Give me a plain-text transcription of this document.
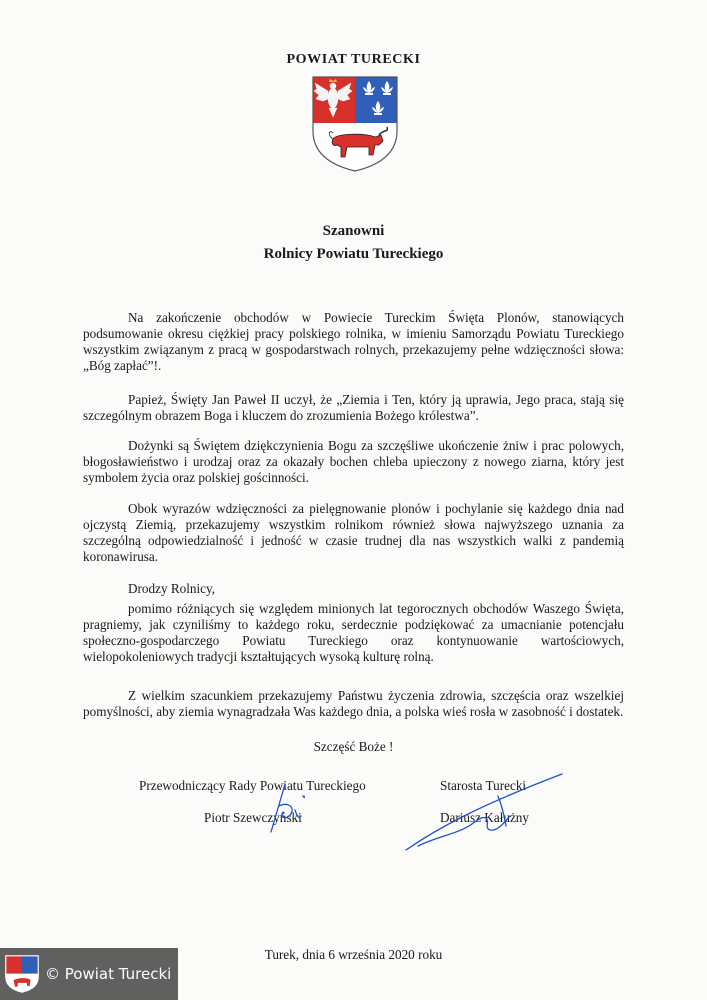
POWIAT TURECKI
Szanowni
Rolnicy Powiatu Tureckiego
Na zakończenie obchodów w Powiecie Tureckim Święta Plonów, stanowiących podsumowanie okresu ciężkiej pracy polskiego rolnika, w imieniu Samorządu Powiatu Tureckiego wszystkim związanym z pracą w gospodarstwach rolnych, przekazujemy pełne wdzięczności słowa: „Bóg zapłać”!.
Papież, Święty Jan Paweł II uczył, że „Ziemia i Ten, który ją uprawia, Jego praca, stają się szczególnym obrazem Boga i kluczem do zrozumienia Bożego królestwa”.
Dożynki są Świętem dziękczynienia Bogu za szczęśliwe ukończenie żniw i prac polowych, błogosławieństwo i urodzaj oraz za okazały bochen chleba upieczony z nowego ziarna, który jest symbolem życia oraz polskiej gościnności.
Obok wyrazów wdzięczności za pielęgnowanie plonów i pochylanie się każdego dnia nad ojczystą Ziemią, przekazujemy wszystkim rolnikom również słowa najwyższego uznania za szczególną odpowiedzialność i jedność w czasie trudnej dla nas wszystkich walki z pandemią koronawirusa.
Drodzy Rolnicy,
pomimo różniących się względem minionych lat tegorocznych obchodów Waszego Święta, pragniemy, jak czyniliśmy to każdego roku, serdecznie podziękować za umacnianie potencjału społeczno-gospodarczego Powiatu Tureckiego oraz kontynuowanie wartościowych, wielopokoleniowych tradycji kształtujących wysoką kulturę rolną.
Z wielkim szacunkiem przekazujemy Państwu życzenia zdrowia, szczęścia oraz wszelkiej pomyślności, aby ziemia wynagradzała Was każdego dnia, a polska wieś rosła w zasobność i dostatek.
Szczęść Boże !
Przewodniczący Rady Powiatu Tureckiego	Starosta Turecki
Piotr Szewczyński	Dariusz Kałużny
Turek, dnia 6 września 2020 roku
© Powiat Turecki
